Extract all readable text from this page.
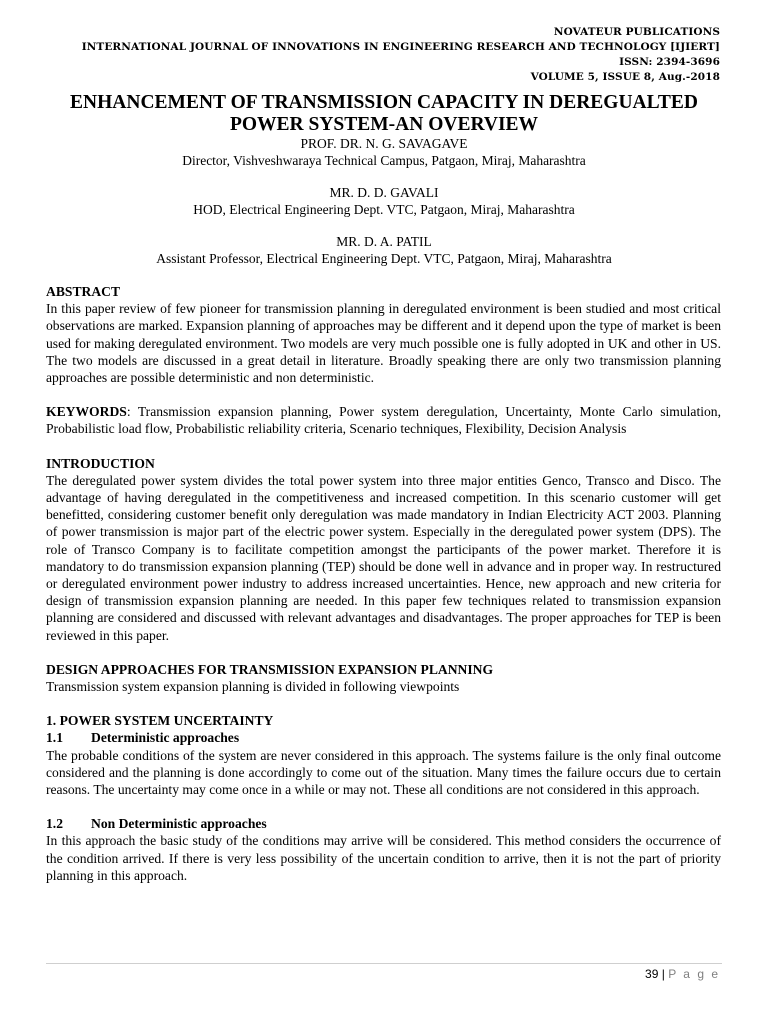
NOVATEUR PUBLICATIONS
INTERNATIONAL JOURNAL OF INNOVATIONS IN ENGINEERING RESEARCH AND TECHNOLOGY [IJIERT]
ISSN: 2394-3696
VOLUME 5, ISSUE 8, Aug.-2018
ENHANCEMENT OF TRANSMISSION CAPACITY IN DEREGUALTED
POWER SYSTEM-AN OVERVIEW
PROF. DR. N. G. SAVAGAVE
Director, Vishveshwaraya Technical Campus, Patgaon, Miraj, Maharashtra
MR. D. D. GAVALI
HOD, Electrical Engineering Dept. VTC, Patgaon, Miraj, Maharashtra
MR. D. A. PATIL
Assistant Professor, Electrical Engineering Dept. VTC, Patgaon, Miraj, Maharashtra

ABSTRACT

In this paper review of few pioneer for transmission planning in deregulated environment is been studied and most critical observations are marked. Expansion planning of approaches may be different and it depend upon the type of market is been used for making deregulated environment. Two models are very much possible one is fully adopted in UK and other in US. The two models are discussed in a great detail in literature. Broadly speaking there are only two transmission planning approaches are possible deterministic and non deterministic.

KEYWORDS: Transmission expansion planning, Power system deregulation, Uncertainty, Monte Carlo simulation, Probabilistic load flow, Probabilistic reliability criteria, Scenario techniques, Flexibility, Decision Analysis

INTRODUCTION

The deregulated power system divides the total power system into three major entities Genco, Transco and Disco. The advantage of having deregulated in the competitiveness and increased competition. In this scenario customer will get benefitted, considering customer benefit only deregulation was made mandatory in Indian Electricity ACT 2003. Planning of power transmission is major part of the electric power system. Especially in the deregulated power system (DPS). The role of Transco Company is to facilitate competition amongst the participants of the power market. Therefore it is mandatory to do transmission expansion planning (TEP) should be done well in advance and in proper way. In restructured or deregulated environment power industry to address increased uncertainties. Hence, new approach and new criteria for design of transmission expansion planning are needed. In this paper few techniques related to transmission expansion planning are considered and discussed with relevant advantages and disadvantages. The proper approaches for TEP is been reviewed in this paper.

DESIGN APPROACHES FOR TRANSMISSION EXPANSION PLANNING

Transmission system expansion planning is divided in following viewpoints

1. POWER SYSTEM UNCERTAINTY

1.1 Deterministic approaches

The probable conditions of the system are never considered in this approach. The systems failure is the only final outcome considered and the planning is done accordingly to come out of the situation. Many times the failure occurs due to certain reasons. The uncertainty may come once in a while or may not. These all conditions are not considered in this approach.

1.2 Non Deterministic approaches

In this approach the basic study of the conditions may arrive will be considered. This method considers the occurrence of the condition arrived. If there is very less possibility of the uncertain condition to arrive, then it is not the part of priority planning in this approach.

39 | P a g e
